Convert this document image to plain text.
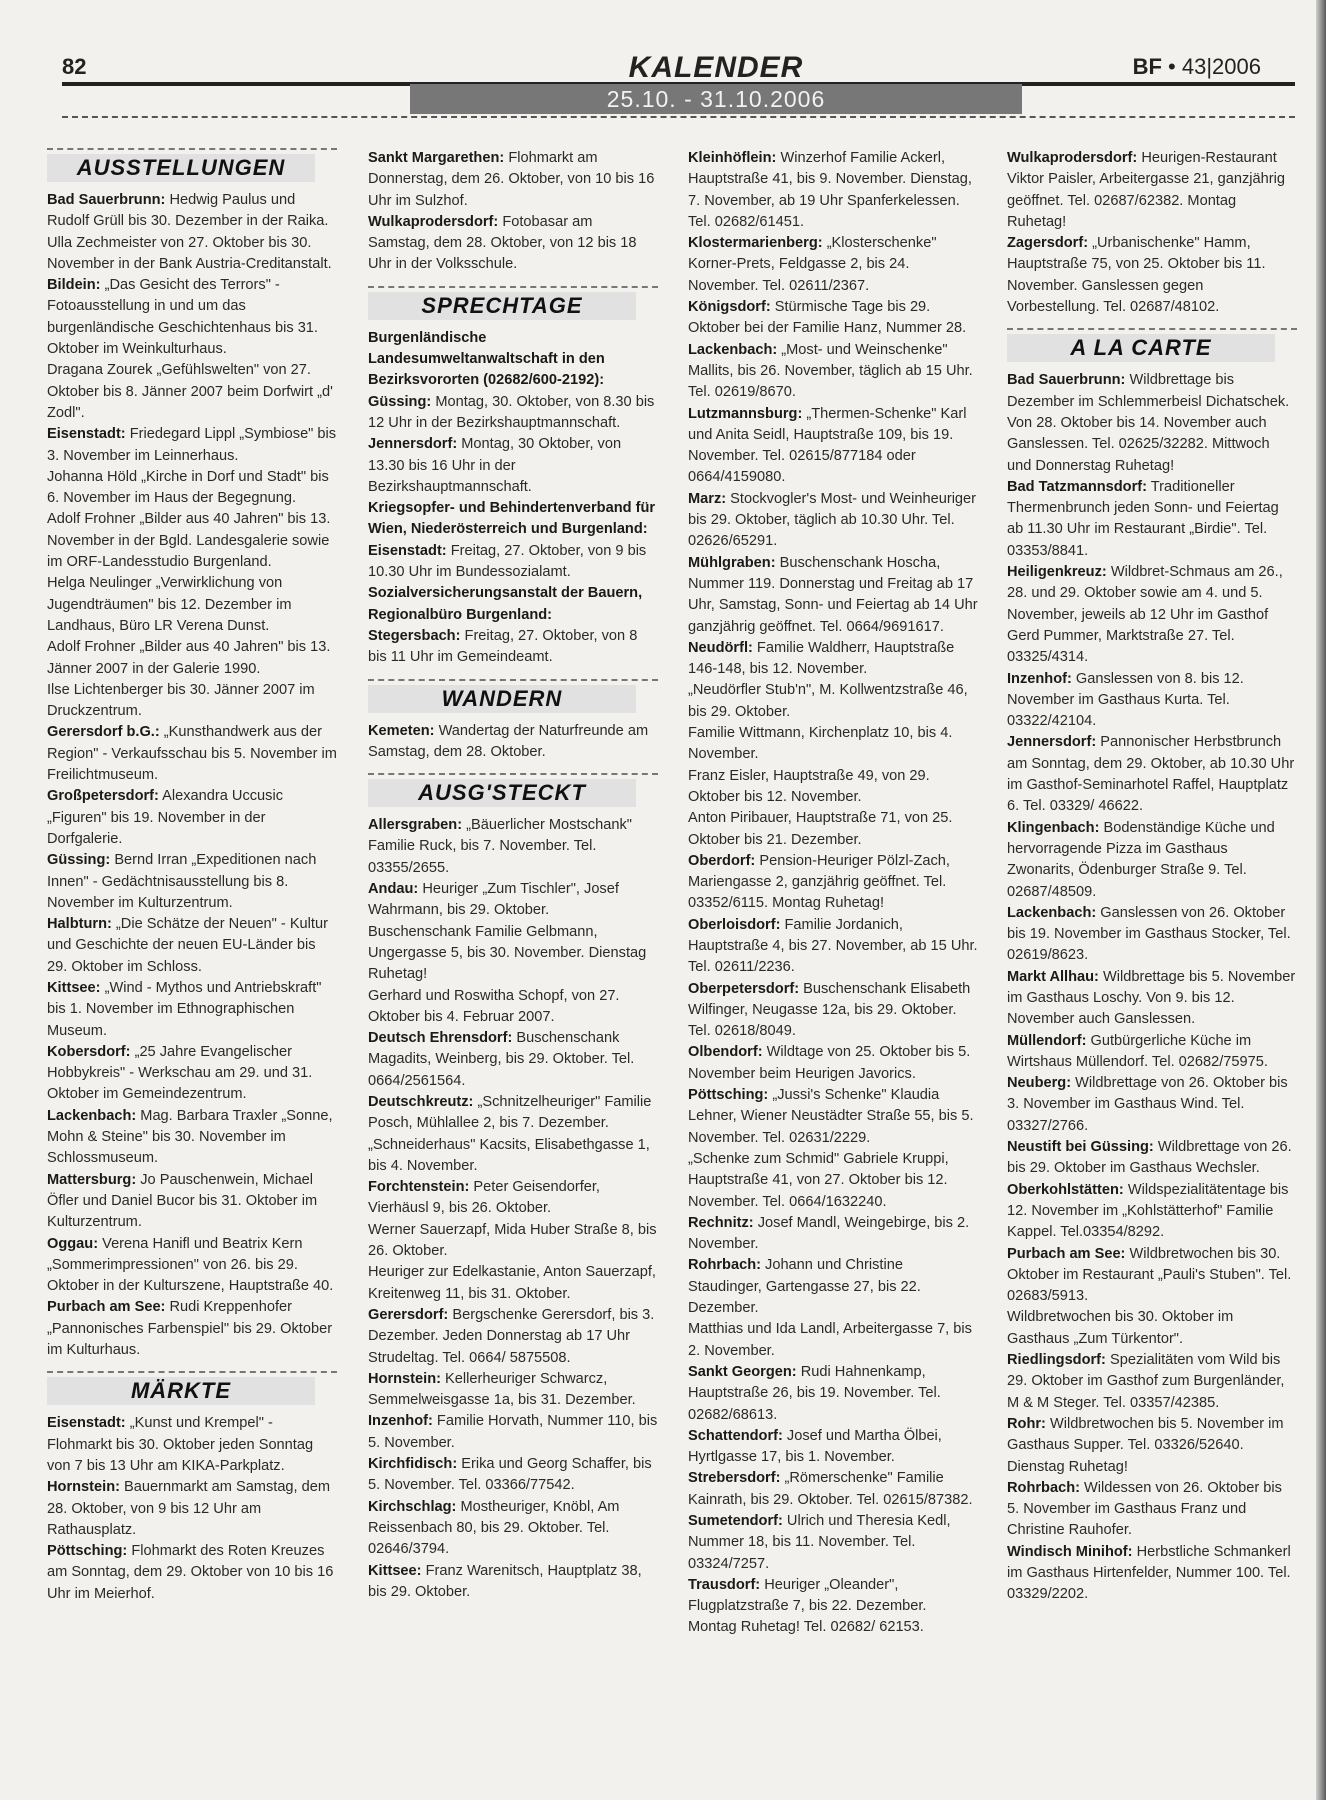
82	KALENDER
25.10. - 31.10.2006
BF • 43|2006
AUSSTELLUNGEN

Bad Sauerbrunn: Hedwig Paulus und Rudolf Grüll bis 30. Dezember in der Raika.

Ulla Zechmeister von 27. Oktober bis 30. November in der Bank Austria-Creditanstalt.

Bildein: „Das Gesicht des Terrors" - Fotoausstellung in und um das burgenländische Geschichtenhaus bis 31. Oktober im Weinkulturhaus.

Dragana Zourek „Gefühlswelten" von 27. Oktober bis 8. Jänner 2007 beim Dorfwirt „d' Zodl".

Eisenstadt: Friedegard Lippl „Symbiose" bis 3. November im Leinnerhaus.

Johanna Höld „Kirche in Dorf und Stadt" bis 6. November im Haus der Begegnung.

Adolf Frohner „Bilder aus 40 Jahren" bis 13. November in der Bgld. Landesgalerie sowie im ORF-Landesstudio Burgenland.

Helga Neulinger „Verwirklichung von Jugendträumen" bis 12. Dezember im Landhaus, Büro LR Verena Dunst.

Adolf Frohner „Bilder aus 40 Jahren" bis 13. Jänner 2007 in der Galerie 1990.

Ilse Lichtenberger bis 30. Jänner 2007 im Druckzentrum.

Gerersdorf b.G.: „Kunsthandwerk aus der Region" - Verkaufsschau bis 5. November im Freilichtmuseum.

Großpetersdorf: Alexandra Uccusic „Figuren" bis 19. November in der Dorfgalerie.

Güssing: Bernd Irran „Expeditionen nach Innen" - Gedächtnisausstellung bis 8. November im Kulturzentrum.

Halbturn: „Die Schätze der Neuen" - Kultur und Geschichte der neuen EU-Länder bis 29. Oktober im Schloss.

Kittsee: „Wind - Mythos und Antriebskraft" bis 1. November im Ethnographischen Museum.

Kobersdorf: „25 Jahre Evangelischer Hobbykreis" - Werkschau am 29. und 31. Oktober im Gemeindezentrum.

Lackenbach: Mag. Barbara Traxler „Sonne, Mohn & Steine" bis 30. November im Schlossmuseum.

Mattersburg: Jo Pauschenwein, Michael Öfler und Daniel Bucor bis 31. Oktober im Kulturzentrum.

Oggau: Verena Hanifl und Beatrix Kern „Sommerimpressionen" von 26. bis 29. Oktober in der Kulturszene, Hauptstraße 40.

Purbach am See: Rudi Kreppenhofer „Pannonisches Farbenspiel" bis 29. Oktober im Kulturhaus.

MÄRKTE

Eisenstadt: „Kunst und Krempel" - Flohmarkt bis 30. Oktober jeden Sonntag von 7 bis 13 Uhr am KIKA-Parkplatz.

Hornstein: Bauernmarkt am Samstag, dem 28. Oktober, von 9 bis 12 Uhr am Rathausplatz.

Pöttsching: Flohmarkt des Roten Kreuzes am Sonntag, dem 29. Oktober von 10 bis 16 Uhr im Meierhof.

Sankt Margarethen: Flohmarkt am Donnerstag, dem 26. Oktober, von 10 bis 16 Uhr im Sulzhof.

Wulkaprodersdorf: Fotobasar am Samstag, dem 28. Oktober, von 12 bis 18 Uhr in der Volksschule.

SPRECHTAGE

Burgenländische Landesumweltanwaltschaft in den Bezirksvororten (02682/600-2192):

Güssing: Montag, 30. Oktober, von 8.30 bis 12 Uhr in der Bezirkshauptmannschaft.

Jennersdorf: Montag, 30 Oktober, von 13.30 bis 16 Uhr in der Bezirkshauptmannschaft.

Kriegsopfer- und Behindertenverband für Wien, Niederösterreich und Burgenland:

Eisenstadt: Freitag, 27. Oktober, von 9 bis 10.30 Uhr im Bundessozialamt.

Sozialversicherungsanstalt der Bauern, Regionalbüro Burgenland:

Stegersbach: Freitag, 27. Oktober, von 8 bis 11 Uhr im Gemeindeamt.

WANDERN

Kemeten: Wandertag der Naturfreunde am Samstag, dem 28. Oktober.

AUSG'STECKT

Allersgraben: „Bäuerlicher Mostschank" Familie Ruck, bis 7. November. Tel. 03355/2655.

Andau: Heuriger „Zum Tischler", Josef Wahrmann, bis 29. Oktober.

Buschenschank Familie Gelbmann, Ungergasse 5, bis 30. November. Dienstag Ruhetag!

Gerhard und Roswitha Schopf, von 27. Oktober bis 4. Februar 2007.

Deutsch Ehrensdorf: Buschenschank Magadits, Weinberg, bis 29. Oktober. Tel. 0664/2561564.

Deutschkreutz: „Schnitzelheuriger" Familie Posch, Mühlallee 2, bis 7. Dezember.

„Schneiderhaus" Kacsits, Elisabethgasse 1, bis 4. November.

Forchtenstein: Peter Geisendorfer, Vierhäusl 9, bis 26. Oktober.

Werner Sauerzapf, Mida Huber Straße 8, bis 26. Oktober.

Heuriger zur Edelkastanie, Anton Sauerzapf, Kreitenweg 11, bis 31. Oktober.

Gerersdorf: Bergschenke Gerersdorf, bis 3. Dezember. Jeden Donnerstag ab 17 Uhr Strudeltag. Tel. 0664/ 5875508.

Hornstein: Kellerheuriger Schwarcz, Semmelweisgasse 1a, bis 31. Dezember.

Inzenhof: Familie Horvath, Nummer 110, bis 5. November.

Kirchfidisch: Erika und Georg Schaffer, bis 5. November. Tel. 03366/77542.

Kirchschlag: Mostheuriger, Knöbl, Am Reissenbach 80, bis 29. Oktober. Tel. 02646/3794.

Kittsee: Franz Warenitsch, Hauptplatz 38, bis 29. Oktober.

Kleinhöflein: Winzerhof Familie Ackerl, Hauptstraße 41, bis 9. November. Dienstag, 7. November, ab 19 Uhr Spanferkelessen. Tel. 02682/61451.

Klostermarienberg: „Klosterschenke" Korner-Prets, Feldgasse 2, bis 24. November. Tel. 02611/2367.

Königsdorf: Stürmische Tage bis 29. Oktober bei der Familie Hanz, Nummer 28.

Lackenbach: „Most- und Weinschenke" Mallits, bis 26. November, täglich ab 15 Uhr. Tel. 02619/8670.

Lutzmannsburg: „Thermen-Schenke" Karl und Anita Seidl, Hauptstraße 109, bis 19. November. Tel. 02615/877184 oder 0664/4159080.

Marz: Stockvogler's Most- und Weinheuriger bis 29. Oktober, täglich ab 10.30 Uhr. Tel. 02626/65291.

Mühlgraben: Buschenschank Hoscha, Nummer 119. Donnerstag und Freitag ab 17 Uhr, Samstag, Sonn- und Feiertag ab 14 Uhr ganzjährig geöffnet. Tel. 0664/9691617.

Neudörfl: Familie Waldherr, Hauptstraße 146-148, bis 12. November.

„Neudörfler Stub'n", M. Kollwentzstraße 46, bis 29. Oktober.

Familie Wittmann, Kirchenplatz 10, bis 4. November.

Franz Eisler, Hauptstraße 49, von 29. Oktober bis 12. November.

Anton Piribauer, Hauptstraße 71, von 25. Oktober bis 21. Dezember.

Oberdorf: Pension-Heuriger Pölzl-Zach, Mariengasse 2, ganzjährig geöffnet. Tel. 03352/6115. Montag Ruhetag!

Oberloisdorf: Familie Jordanich, Hauptstraße 4, bis 27. November, ab 15 Uhr. Tel. 02611/2236.

Oberpetersdorf: Buschenschank Elisabeth Wilfinger, Neugasse 12a, bis 29. Oktober. Tel. 02618/8049.

Olbendorf: Wildtage von 25. Oktober bis 5. November beim Heurigen Javorics.

Pöttsching: „Jussi's Schenke" Klaudia Lehner, Wiener Neustädter Straße 55, bis 5. November. Tel. 02631/2229.

„Schenke zum Schmid" Gabriele Kruppi, Hauptstraße 41, von 27. Oktober bis 12. November. Tel. 0664/1632240.

Rechnitz: Josef Mandl, Weingebirge, bis 2. November.

Rohrbach: Johann und Christine Staudinger, Gartengasse 27, bis 22. Dezember.

Matthias und Ida Landl, Arbeitergasse 7, bis 2. November.

Sankt Georgen: Rudi Hahnenkamp, Hauptstraße 26, bis 19. November. Tel. 02682/68613.

Schattendorf: Josef und Martha Ölbei, Hyrtlgasse 17, bis 1. November.

Strebersdorf: „Römerschenke" Familie Kainrath, bis 29. Oktober. Tel. 02615/87382.

Sumetendorf: Ulrich und Theresia Kedl, Nummer 18, bis 11. November. Tel. 03324/7257.

Trausdorf: Heuriger „Oleander", Flugplatzstraße 7, bis 22. Dezember. Montag Ruhetag! Tel. 02682/ 62153.

Wulkaprodersdorf: Heurigen-Restaurant Viktor Paisler, Arbeitergasse 21, ganzjährig geöffnet. Tel. 02687/62382. Montag Ruhetag!

Zagersdorf: „Urbanischenke" Hamm, Hauptstraße 75, von 25. Oktober bis 11. November. Ganslessen gegen Vorbestellung. Tel. 02687/48102.

A LA CARTE

Bad Sauerbrunn: Wildbrettage bis Dezember im Schlemmerbeisl Dichatschek. Von 28. Oktober bis 14. November auch Ganslessen. Tel. 02625/32282. Mittwoch und Donnerstag Ruhetag!

Bad Tatzmannsdorf: Traditioneller Thermenbrunch jeden Sonn- und Feiertag ab 11.30 Uhr im Restaurant „Birdie". Tel. 03353/8841.

Heiligenkreuz: Wildbret-Schmaus am 26., 28. und 29. Oktober sowie am 4. und 5. November, jeweils ab 12 Uhr im Gasthof Gerd Pummer, Marktstraße 27. Tel. 03325/4314.

Inzenhof: Ganslessen von 8. bis 12. November im Gasthaus Kurta. Tel. 03322/42104.

Jennersdorf: Pannonischer Herbstbrunch am Sonntag, dem 29. Oktober, ab 10.30 Uhr im Gasthof-Seminarhotel Raffel, Hauptplatz 6. Tel. 03329/ 46622.

Klingenbach: Bodenständige Küche und hervorragende Pizza im Gasthaus Zwonarits, Ödenburger Straße 9. Tel. 02687/48509.

Lackenbach: Ganslessen von 26. Oktober bis 19. November im Gasthaus Stocker, Tel. 02619/8623.

Markt Allhau: Wildbrettage bis 5. November im Gasthaus Loschy. Von 9. bis 12. November auch Ganslessen.

Müllendorf: Gutbürgerliche Küche im Wirtshaus Müllendorf. Tel. 02682/75975.

Neuberg: Wildbrettage von 26. Oktober bis 3. November im Gasthaus Wind. Tel. 03327/2766.

Neustift bei Güssing: Wildbrettage von 26. bis 29. Oktober im Gasthaus Wechsler.

Oberkohlstätten: Wildspezialitätentage bis 12. November im „Kohlstätterhof" Familie Kappel. Tel.03354/8292.

Purbach am See: Wildbretwochen bis 30. Oktober im Restaurant „Pauli's Stuben". Tel. 02683/5913.

Wildbretwochen bis 30. Oktober im Gasthaus „Zum Türkentor".

Riedlingsdorf: Spezialitäten vom Wild bis 29. Oktober im Gasthof zum Burgenländer, M & M Steger. Tel. 03357/42385.

Rohr: Wildbretwochen bis 5. November im Gasthaus Supper. Tel. 03326/52640. Dienstag Ruhetag!

Rohrbach: Wildessen von 26. Oktober bis 5. November im Gasthaus Franz und Christine Rauhofer.

Windisch Minihof: Herbstliche Schmankerl im Gasthaus Hirtenfelder, Nummer 100. Tel. 03329/2202.
